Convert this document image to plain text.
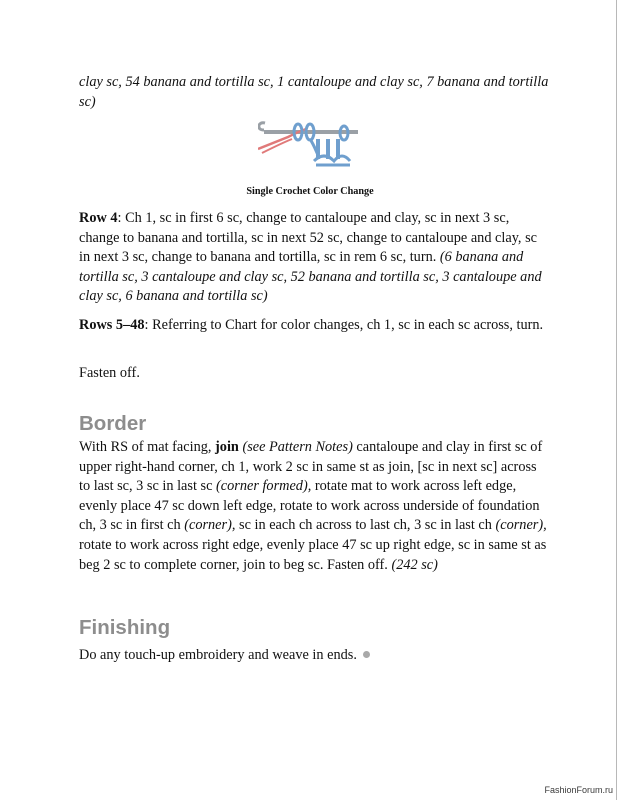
clay sc, 54 banana and tortilla sc, 1 cantaloupe and clay sc, 7 banana and tortilla sc)

Single Crochet Color Change

Row 4: Ch 1, sc in first 6 sc, change to cantaloupe and clay, sc in next 3 sc, change to banana and tortilla, sc in next 52 sc, change to cantaloupe and clay, sc in next 3 sc, change to banana and tortilla, sc in rem 6 sc, turn. (6 banana and tortilla sc, 3 cantaloupe and clay sc, 52 banana and tortilla sc, 3 cantaloupe and clay sc, 6 banana and tortilla sc)

Rows 5–48: Referring to Chart for color changes, ch 1, sc in each sc across, turn.

Fasten off.

Border

With RS of mat facing, join (see Pattern Notes) cantaloupe and clay in first sc of upper right-hand corner, ch 1, work 2 sc in same st as join, [sc in next sc] across to last sc, 3 sc in last sc (corner formed), rotate mat to work across left edge, evenly place 47 sc down left edge, rotate to work across underside of foundation ch, 3 sc in first ch (corner), sc in each ch across to last ch, 3 sc in last ch (corner), rotate to work across right edge, evenly place 47 sc up right edge, sc in same st as beg 2 sc to complete corner, join to beg sc. Fasten off. (242 sc)

Finishing

Do any touch-up embroidery and weave in ends.

FashionForum.ru
